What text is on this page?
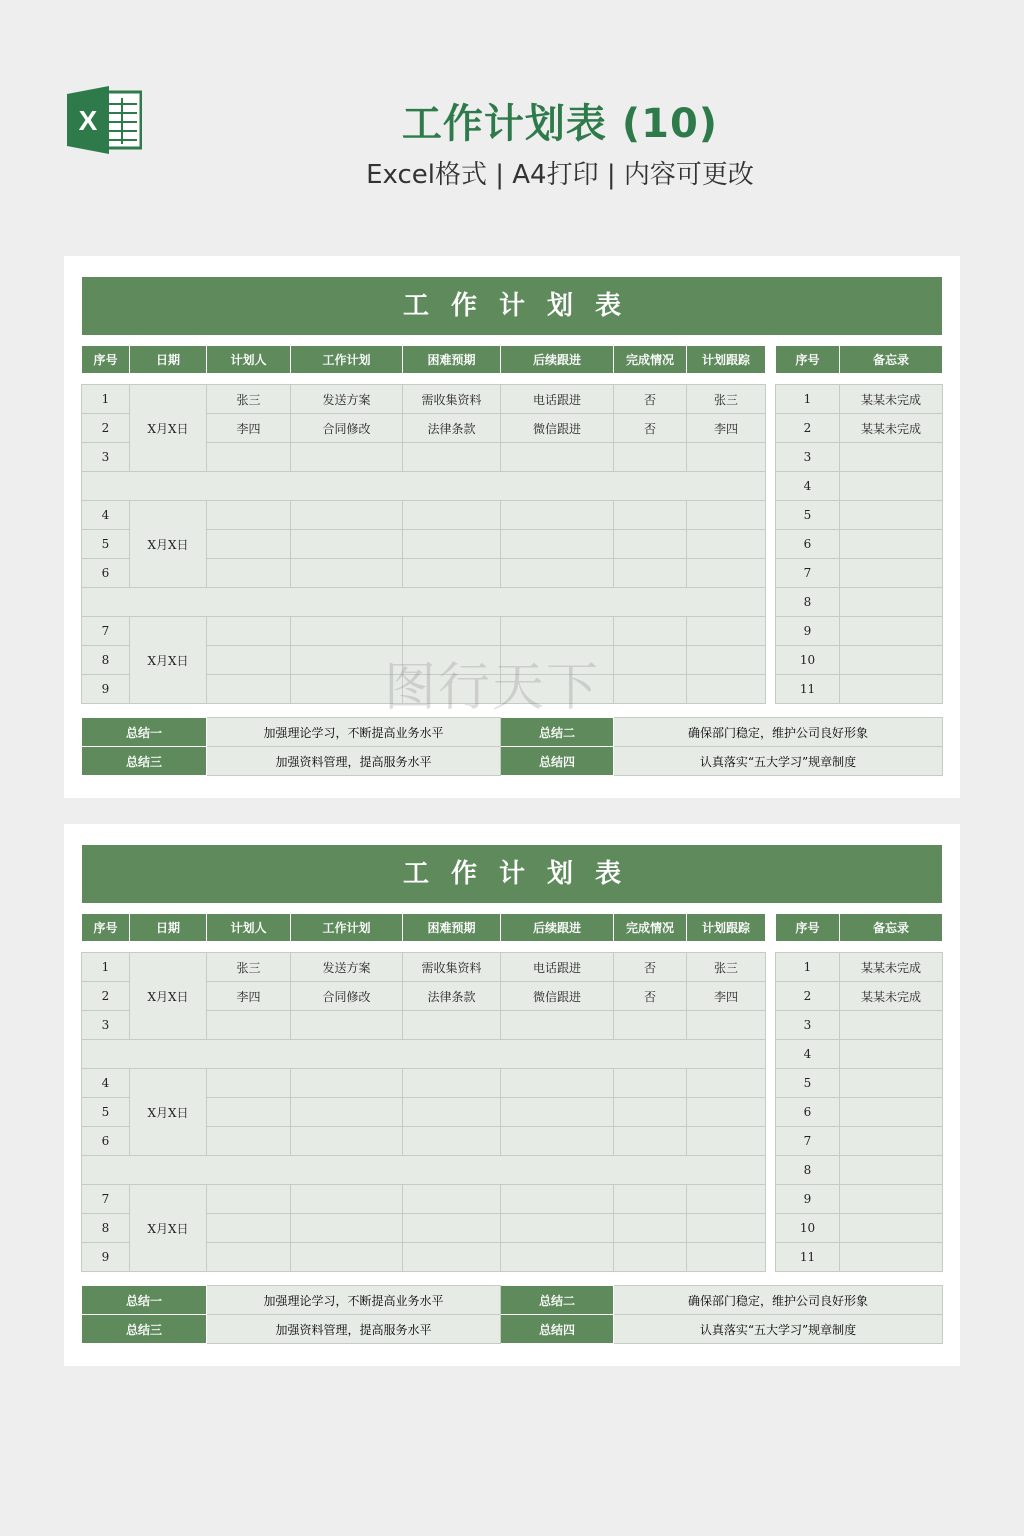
X	工作计划表 (10)
Excel格式 | A4打印 | 内容可更改
工作计划表
序号	日期	计划人	工作计划	困难预期	后续跟进	完成情况	计划跟踪
1	X月X日	张三	发送方案	需收集资料	电话跟进	否	张三
2		李四	合同修改	法律条款	微信跟进	否	李四
3							

4	X月X日						
5							
6							

7	X月X日						
8							
9							
序号	备忘录
1	某某未完成
2	某某未完成
3	
4	
5	
6	
7	
8	
9	
10	
11	
总结一	加强理论学习，不断提高业务水平	总结二	确保部门稳定，维护公司良好形象
总结三	加强资料管理，提高服务水平	总结四	认真落实“五大学习”规章制度
工作计划表
序号	日期	计划人	工作计划	困难预期	后续跟进	完成情况	计划跟踪
1	X月X日	张三	发送方案	需收集资料	电话跟进	否	张三
2		李四	合同修改	法律条款	微信跟进	否	李四
3							

4	X月X日						
5							
6							

7	X月X日						
8							
9							
序号	备忘录
1	某某未完成
2	某某未完成
3	
4	
5	
6	
7	
8	
9	
10	
11	
总结一	加强理论学习，不断提高业务水平	总结二	确保部门稳定，维护公司良好形象
总结三	加强资料管理，提高服务水平	总结四	认真落实“五大学习”规章制度
图行天下
